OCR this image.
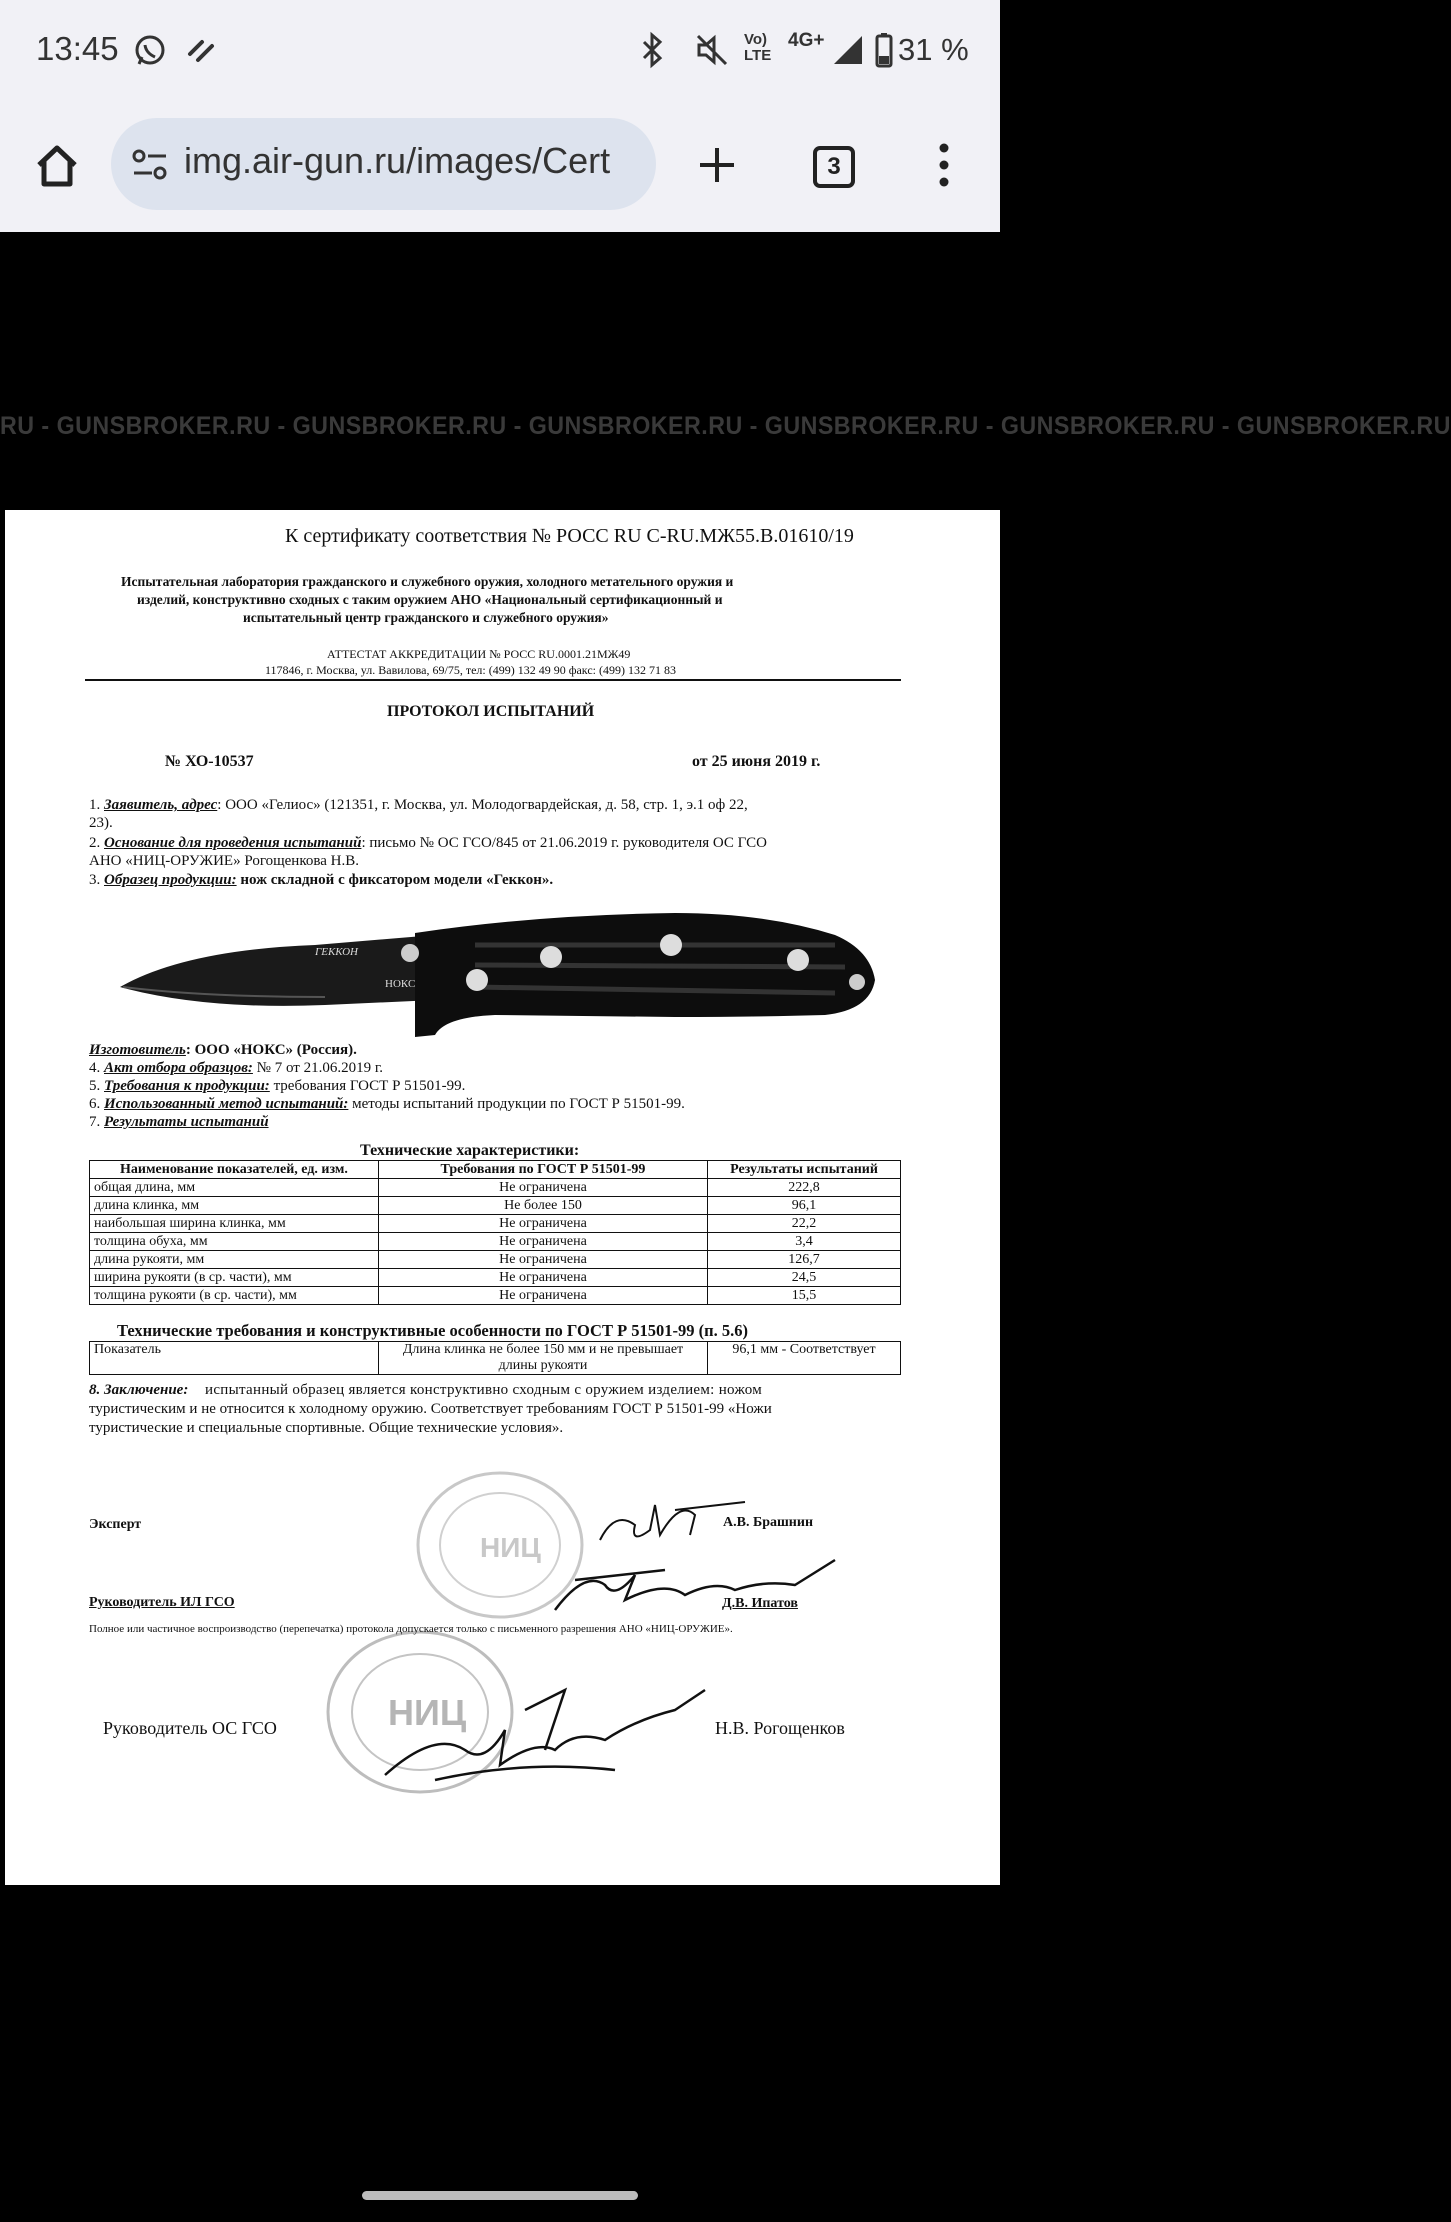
13:45	Vo) LTE
4G+ 31 %
img.air-gun.ru/images/Cert	3
RU - GUNSBROKER.RU - GUNSBROKER.RU - GUNSBROKER.RU - GUNSBROKER.RU - GUNSBROKER.RU - GUNSBROKER.RU
К сертификату соответствия № РОСС RU C-RU.МЖ55.В.01610/19
Испытательная лаборатория гражданского и служебного оружия, холодного метательного оружия и
изделий, конструктивно сходных с таким оружием АНО «Национальный сертификационный и
испытательный центр гражданского и служебного оружия»
АТТЕСТАТ АККРЕДИТАЦИИ № РОСС RU.0001.21МЖ49
117846, г. Москва, ул. Вавилова, 69/75, тел: (499) 132 49 90 факс: (499) 132 71 83
ПРОТОКОЛ ИСПЫТАНИЙ
№ ХО-10537	от 25 июня 2019 г.
1. Заявитель, адрес: ООО «Гелиос» (121351, г. Москва, ул. Молодогвардейская, д. 58, стр. 1, э.1 оф 22,
23).
2. Основание для проведения испытаний: письмо № ОС ГСО/845 от 21.06.2019 г. руководителя ОС ГСО
АНО «НИЦ-ОРУЖИЕ» Рогощенкова Н.В.
3. Образец продукции: нож складной с фиксатором модели «Геккон».
ГЕККОН
НОКС
Изготовитель: ООО «НОКС» (Россия).
4. Акт отбора образцов: № 7 от 21.06.2019 г.
5. Требования к продукции: требования ГОСТ Р 51501-99.
6. Использованный метод испытаний: методы испытаний продукции по ГОСТ Р 51501-99.
7. Результаты испытаний
Технические характеристики:
Наименование показателей, ед. изм.	Требования по ГОСТ Р 51501-99	Результаты испытаний
общая длина, мм	Не ограничена	222,8
длина клинка, мм	Не более 150	96,1
наибольшая ширина клинка, мм	Не ограничена	22,2
толщина обуха, мм	Не ограничена	3,4
длина рукояти, мм	Не ограничена	126,7
ширина рукояти (в ср. части), мм	Не ограничена	24,5
толщина рукояти (в ср. части), мм	Не ограничена	15,5
Технические требования и конструктивные особенности по ГОСТ Р 51501-99 (п. 5.6)
Показатель	Длина клинка не более 150 мм и не превышает длины рукояти	96,1 мм - Соответствует
8. Заключение: испытанный образец является конструктивно сходным с оружием изделием: ножом
туристическим и не относится к холодному оружию. Соответствует требованиям ГОСТ Р 51501-99 «Ножи
туристические и специальные спортивные. Общие технические условия».
НИЦ
НИЦ
Эксперт	А.В. Брашнин
Руководитель ИЛ ГСО	Д.В. Ипатов
Полное или частичное воспроизводство (перепечатка) протокола допускается только с письменного разрешения АНО «НИЦ-ОРУЖИЕ».
Руководитель ОС ГСО	Н.В. Рогощенков
